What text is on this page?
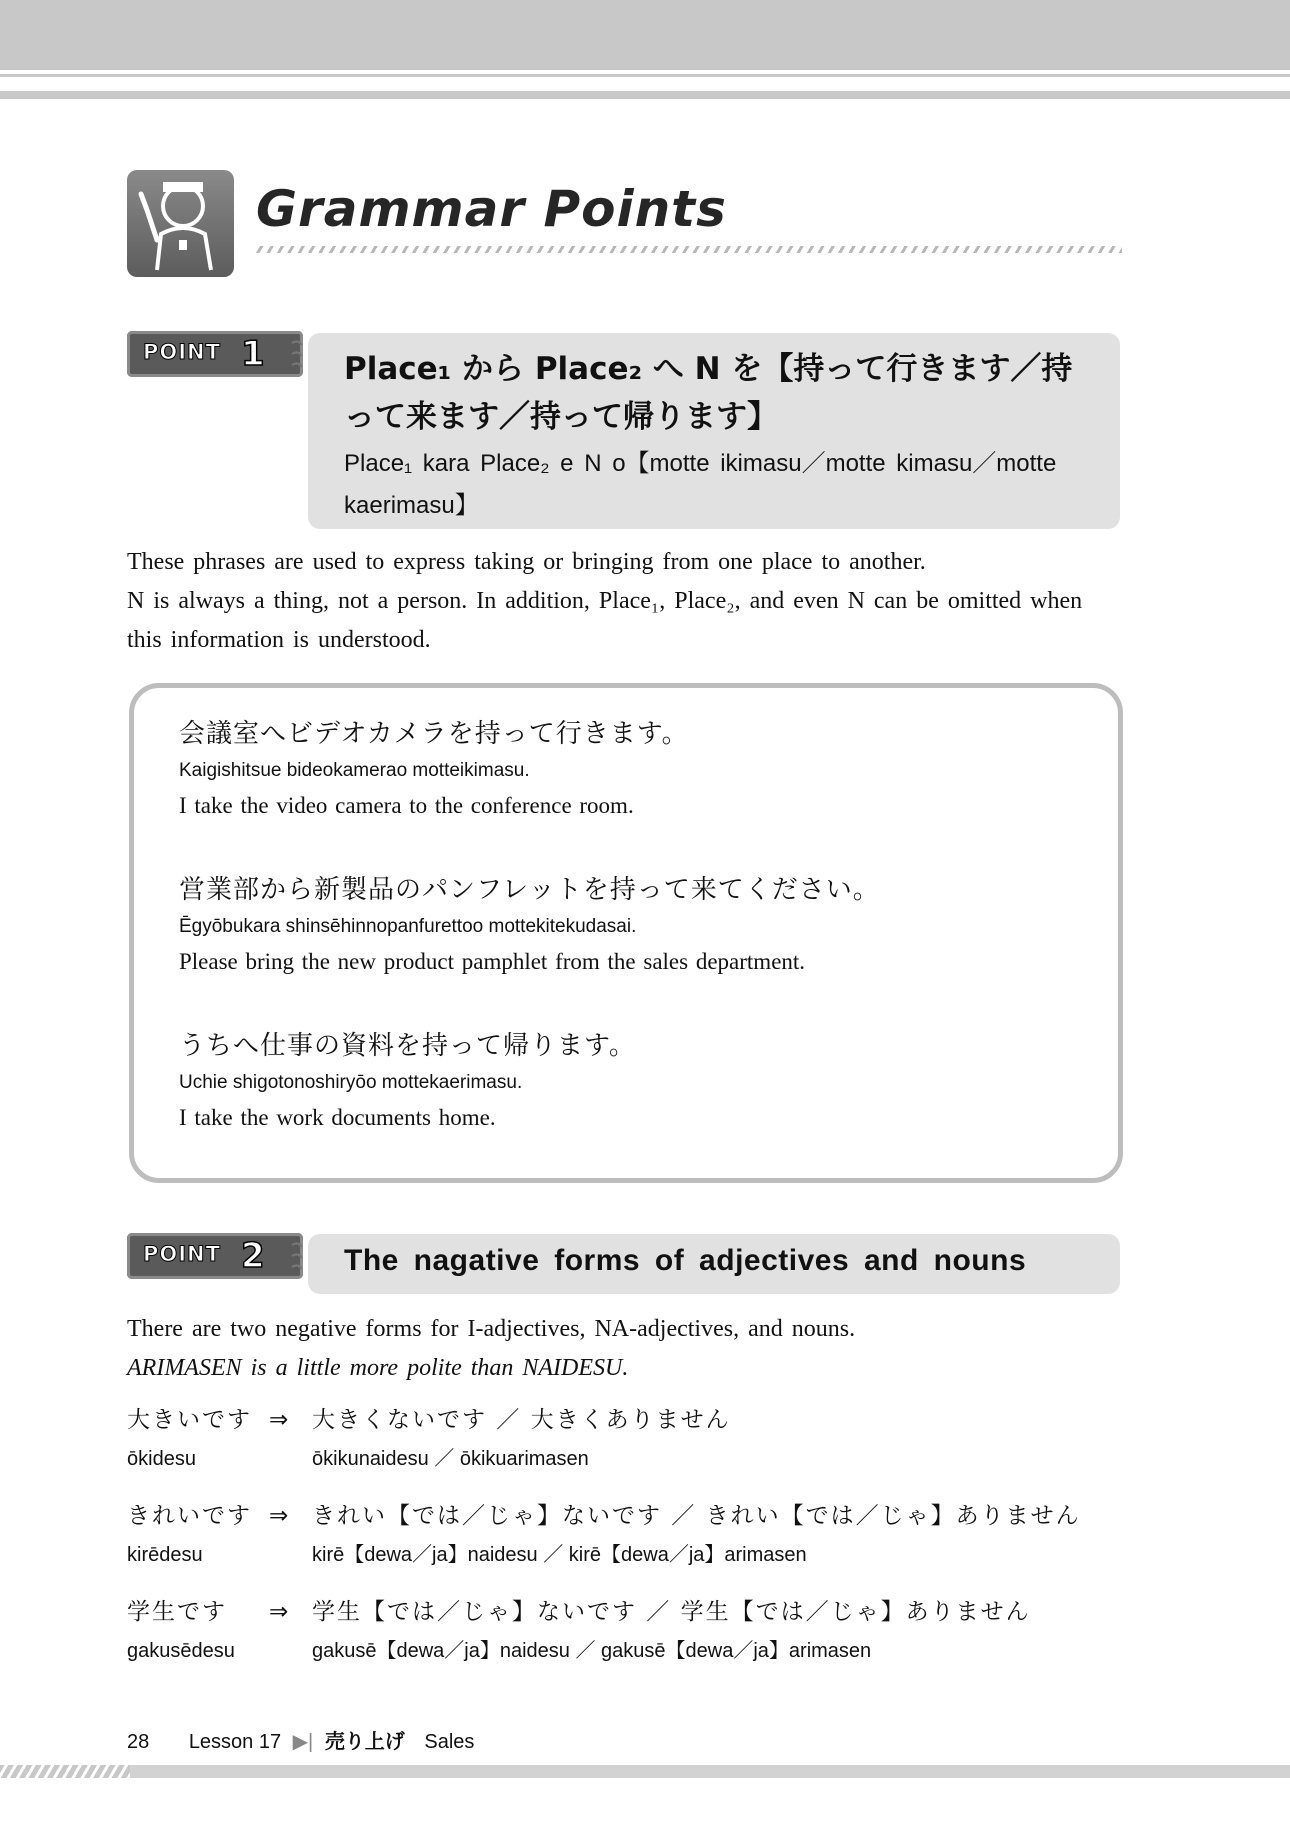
Grammar Points
POINT 1	Place₁ から Place₂ へ N を【持って行きます／持って来ます／持って帰ります】
Place₁ kara Place₂ e N o【motte ikimasu／motte kimasu／motte kaerimasu】
These phrases are used to express taking or bringing from one place to another.
N is always a thing, not a person. In addition, Place₁, Place₂, and even N can be omitted when this information is understood.
会議室へビデオカメラを持って行きます。
Kaigishitsue bideokamerao motteikimasu.
I take the video camera to the conference room.
営業部から新製品のパンフレットを持って来てください。
Ēgyōbukara shinsēhinnopanfurettoo mottekitekudasai.
Please bring the new product pamphlet from the sales department.
うちへ仕事の資料を持って帰ります。
Uchie shigotonoshiryōo mottekaerimasu.
I take the work documents home.
POINT 2	The nagative forms of adjectives and nouns
There are two negative forms for I-adjectives, NA-adjectives, and nouns.
ARIMASEN is a little more polite than NAIDESU.
大きいです ⇒ 大きくないです ／ 大きくありません
ōkidesu	ōkikunaidesu ／ ōkikuarimasen
きれいです ⇒ きれい【では／じゃ】ないです ／ きれい【では／じゃ】ありません
kirēdesu	kirē【dewa／ja】naidesu ／ kirē【dewa／ja】arimasen
学生です ⇒ 学生【では／じゃ】ないです ／ 学生【では／じゃ】ありません
gakusēdesu	gakusē【dewa／ja】naidesu ／ gakusē【dewa／ja】arimasen
28 Lesson 17 ▶| 売り上げ Sales
